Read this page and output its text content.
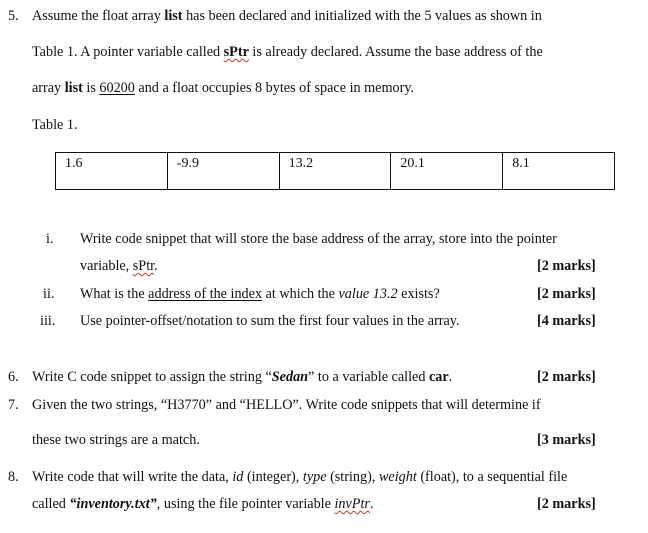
5. Assume the float array list has been declared and initialized with the 5 values as shown in
Table 1. A pointer variable called sPtr is already declared. Assume the base address of the
array list is 60200 and a float occupies 8 bytes of space in memory.
Table 1.
1.6	-9.9	13.2	20.1	8.1
i. Write code snippet that will store the base address of the array, store into the pointer
variable, sPtr.	[2 marks]
ii. What is the address of the index at which the value 13.2 exists?	[2 marks]
iii. Use pointer-offset/notation to sum the first four values in the array.	[4 marks]
6. Write C code snippet to assign the string “Sedan” to a variable called car.	[2 marks]
7. Given the two strings, “H3770” and “HELLO”. Write code snippets that will determine if
these two strings are a match.	[3 marks]
8. Write code that will write the data, id (integer), type (string), weight (float), to a sequential file
called “inventory.txt”, using the file pointer variable invPtr.	[2 marks]
